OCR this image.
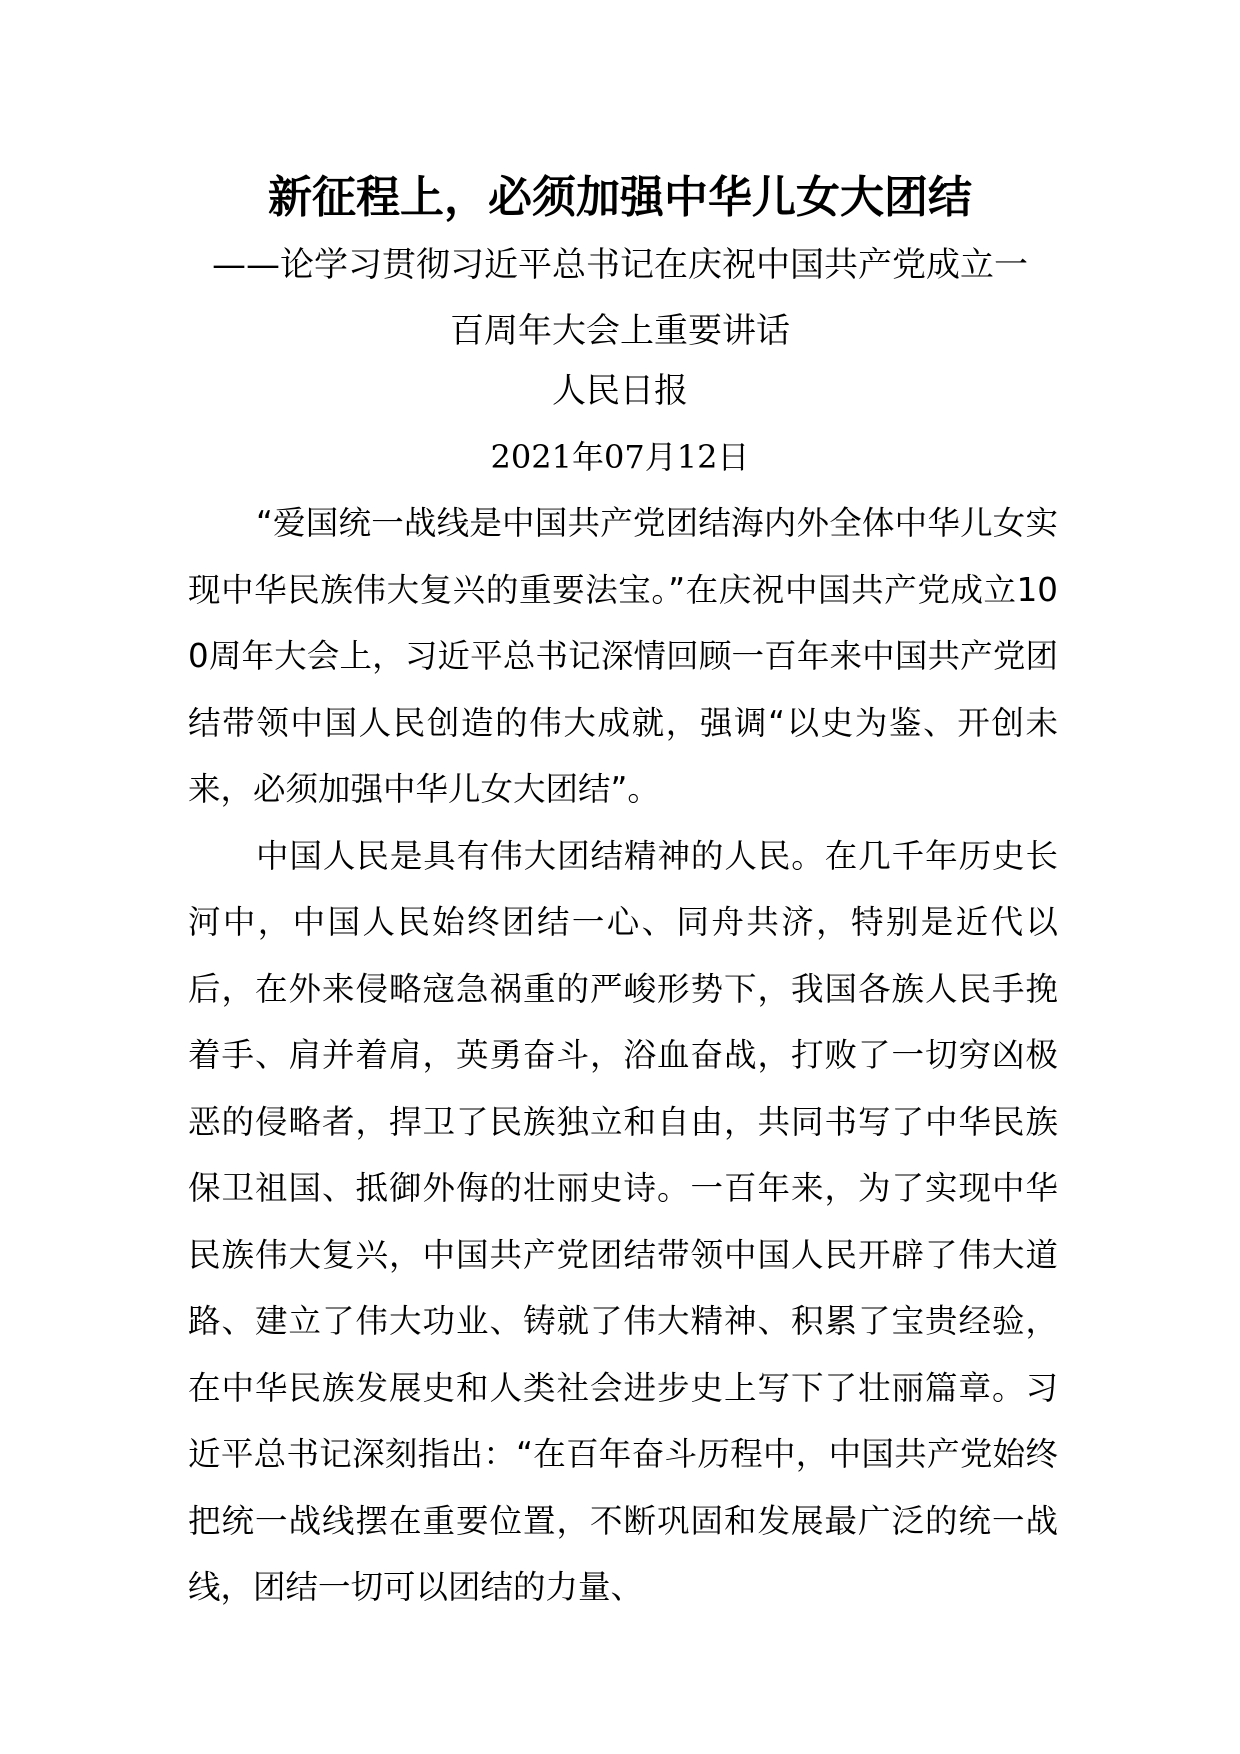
新征程上，必须加强中华儿女大团结
——论学习贯彻习近平总书记在庆祝中国共产党成立一百周年大会上重要讲话
人民日报
2021年07月12日

“爱国统一战线是中国共产党团结海内外全体中华儿女实现中华民族伟大复兴的重要法宝。”在庆祝中国共产党成立100周年大会上，习近平总书记深情回顾一百年来中国共产党团结带领中国人民创造的伟大成就，强调“以史为鉴、开创未来，必须加强中华儿女大团结”。

中国人民是具有伟大团结精神的人民。在几千年历史长河中，中国人民始终团结一心、同舟共济，特别是近代以后，在外来侵略寇急祸重的严峻形势下，我国各族人民手挽着手、肩并着肩，英勇奋斗，浴血奋战，打败了一切穷凶极恶的侵略者，捍卫了民族独立和自由，共同书写了中华民族保卫祖国、抵御外侮的壮丽史诗。一百年来，为了实现中华民族伟大复兴，中国共产党团结带领中国人民开辟了伟大道路、建立了伟大功业、铸就了伟大精神、积累了宝贵经验，在中华民族发展史和人类社会进步史上写下了壮丽篇章。习近平总书记深刻指出：“在百年奋斗历程中，中国共产党始终把统一战线摆在重要位置，不断巩固和发展最广泛的统一战线，团结一切可以团结的力量、
